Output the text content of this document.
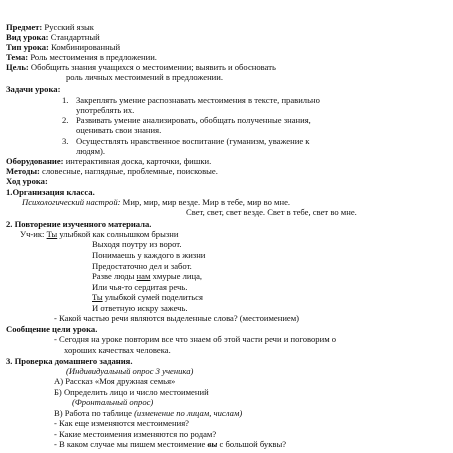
Предмет: Русский язык
Вид урока: Стандартный
Тип урока: Комбинированный
Тема: Роль местоимения в предложении.
Цель: Обобщить знания учащихся о местоимении; выявить и обосновать
роль личных местоимений в предложении.
Задачи урока:
1. Закреплять умение распознавать местоимения в тексте, правильно
употреблять их.
2. Развивать умение анализировать, обобщать полученные знания,
оценивать свои знания.
3. Осуществлять нравственное воспитание (гуманизм, уважение к
людям).
Оборудование: интерактивная доска, карточки, фишки.
Методы: словесные, наглядные, проблемные, поисковые.
Ход урока:
1.Организация класса.
Психологический настрой: Мир, мир, мир везде. Мир в тебе, мир во мне.
Свет, свет, свет везде. Свет в тебе, свет во мне.
2. Повторение изученного материала.
Уч-ик: Ты улыбкой как солнышком брызни
Выходя поутру из ворот.
Понимаешь у каждого в жизни
Предостаточно дел и забот.
Разве люды нам хмурые лица,
Или чья-то сердитая речь.
Ты улыбкой сумей поделиться
И ответную искру зажечь.
- Какой частью речи являются выделенные слова? (местоимением)
Сообщение цели урока.
- Сегодня на уроке повторим все что знаем об этой части речи и поговорим о
хороших качествах человека.
3. Проверка домашнего задания.
(Индивидуальный опрос 3 ученика)
А) Рассказ «Моя дружная семья»
Б) Определить лицо и число местоимений
(Фронтальный опрос)
В) Работа по таблице (изменение по лицам, числам)
- Как еще изменяются местоимения?
- Какие местоимения изменяются по родам?
- В каком случае мы пишем местоимение вы с большой буквы?
